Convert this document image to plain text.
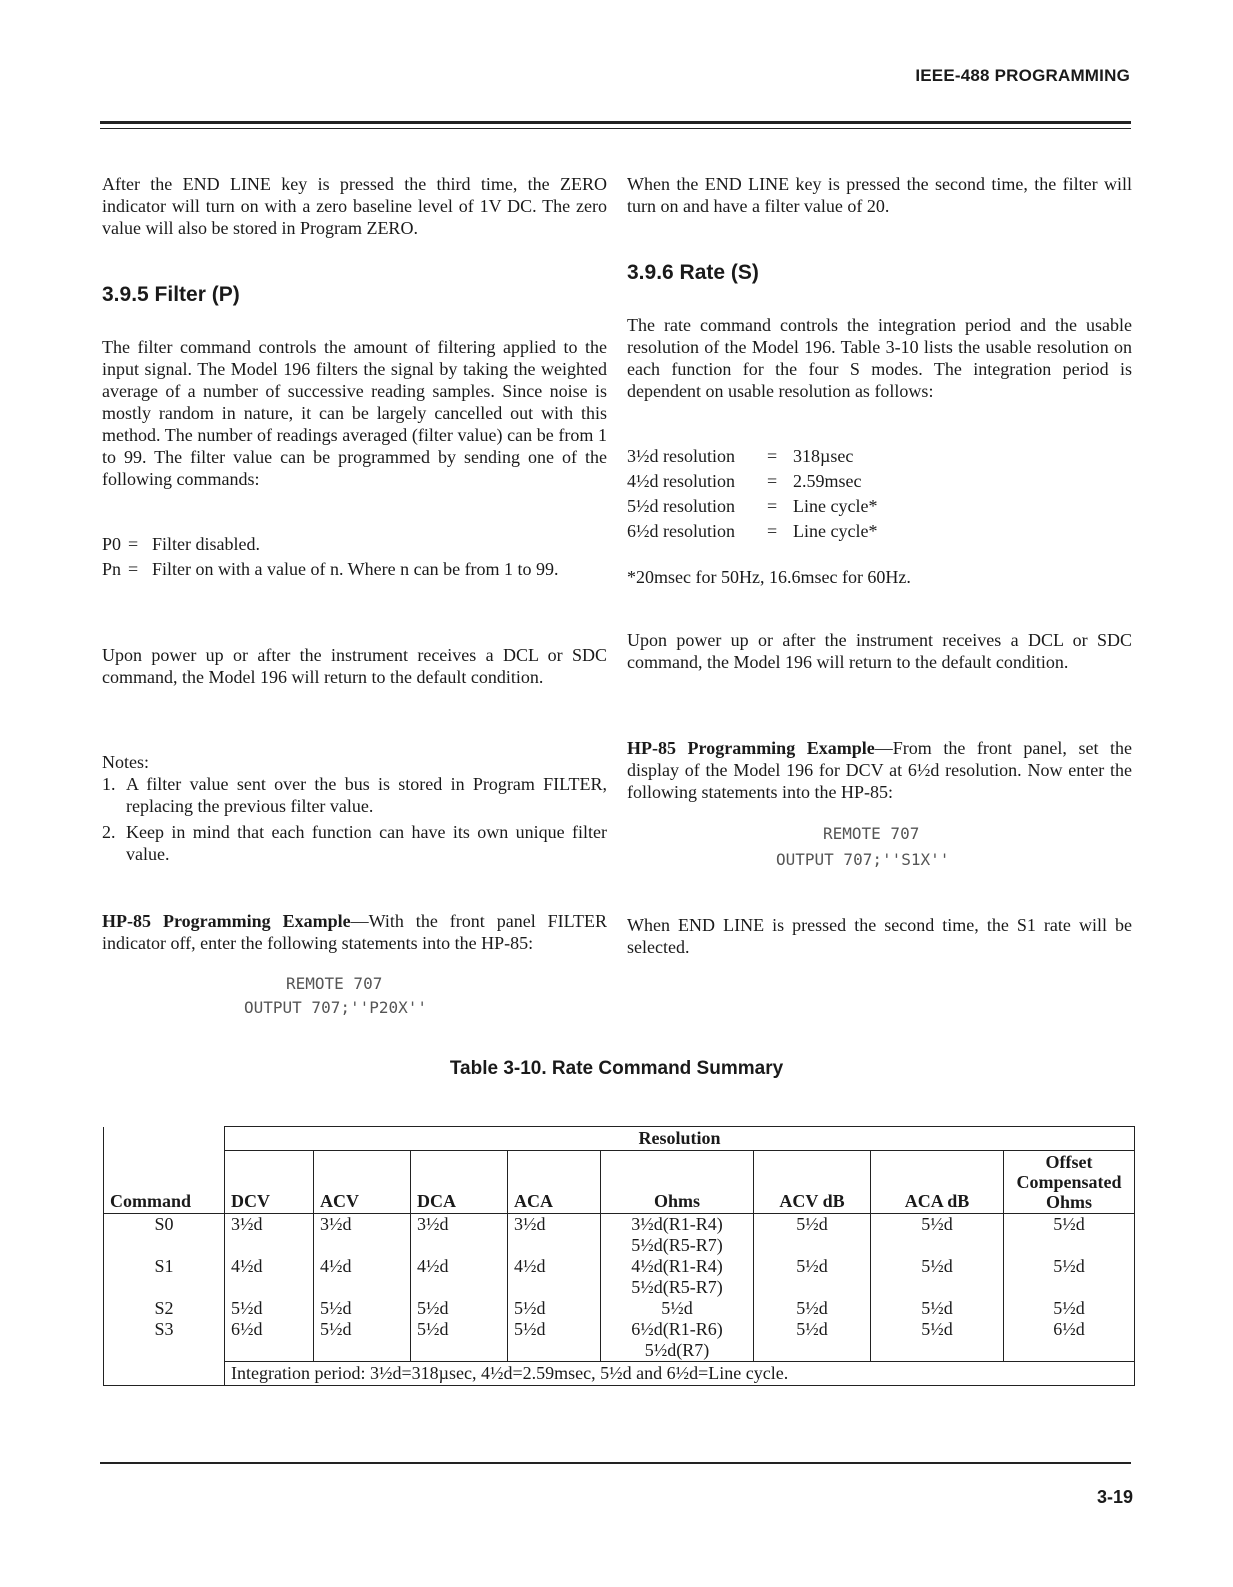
IEEE-488 PROGRAMMING

After the END LINE key is pressed the third time, the ZERO indicator will turn on with a zero baseline level of 1V DC. The zero value will also be stored in Program ZERO.

3.9.5 Filter (P)

The filter command controls the amount of filtering applied to the input signal. The Model 196 filters the signal by taking the weighted average of a number of successive reading samples. Since noise is mostly random in nature, it can be largely cancelled out with this method. The number of readings averaged (filter value) can be from 1 to 99. The filter value can be programmed by sending one of the following commands:

P0 = Filter disabled.
Pn = Filter on with a value of n. Where n can be from 1 to 99.

Upon power up or after the instrument receives a DCL or SDC command, the Model 196 will return to the default condition.

Notes:
1. A filter value sent over the bus is stored in Program FILTER, replacing the previous filter value.
2. Keep in mind that each function can have its own unique filter value.

HP-85 Programming Example—With the front panel FILTER indicator off, enter the following statements into the HP-85:

REMOTE 707
OUTPUT 707;''P20X''

When the END LINE key is pressed the second time, the filter will turn on and have a filter value of 20.

3.9.6 Rate (S)

The rate command controls the integration period and the usable resolution of the Model 196. Table 3-10 lists the usable resolution on each function for the four S modes. The integration period is dependent on usable resolution as follows:

3½d resolution = 318µsec
4½d resolution = 2.59msec
5½d resolution = Line cycle*
6½d resolution = Line cycle*
*20msec for 50Hz, 16.6msec for 60Hz.

Upon power up or after the instrument receives a DCL or SDC command, the Model 196 will return to the default condition.

HP-85 Programming Example—From the front panel, set the display of the Model 196 for DCV at 6½d resolution. Now enter the following statements into the HP-85:

REMOTE 707
OUTPUT 707;''S1X''

When END LINE is pressed the second time, the S1 rate will be selected.

Table 3-10. Rate Command Summary
	Resolution							
Command	DCV	ACV	DCA	ACA	Ohms	ACV dB	ACA dB	Offset Compensated Ohms
S0	3½d	3½d	3½d	3½d	3½d(R1-R4)	5½d	5½d	5½d
					5½d(R5-R7)			
S1	4½d	4½d	4½d	4½d	4½d(R1-R4)	5½d	5½d	5½d
					5½d(R5-R7)			
S2	5½d	5½d	5½d	5½d	5½d	5½d	5½d	5½d
S3	6½d	5½d	5½d	5½d	6½d(R1-R6)	5½d	5½d	6½d
					5½d(R7)			
	Integration period: 3½d=318µsec, 4½d=2.59msec, 5½d and 6½d=Line cycle.							
3-19
